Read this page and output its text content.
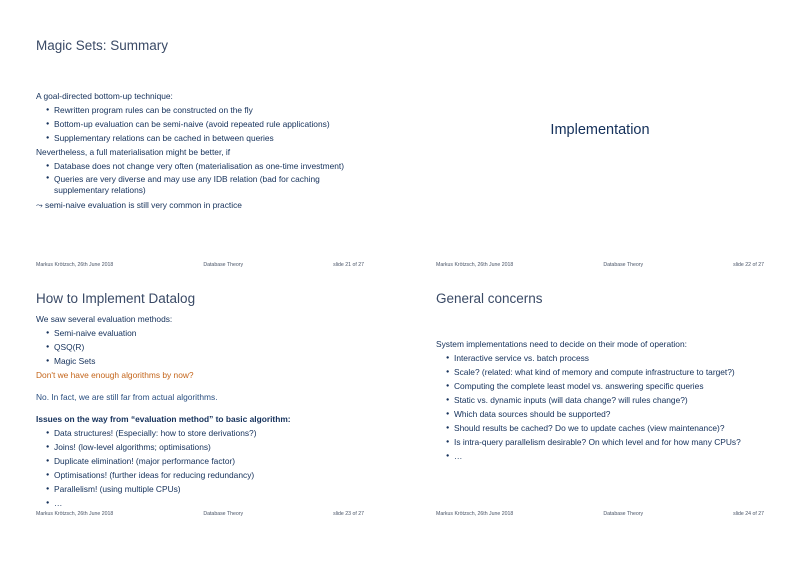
Magic Sets: Summary

A goal-directed bottom-up technique:

● Rewritten program rules can be constructed on the fly
● Bottom-up evaluation can be semi-naive (avoid repeated rule applications)
● Supplementary relations can be cached in between queries

Nevertheless, a full materialisation might be better, if

● Database does not change very often (materialisation as one-time investment)
● Queries are very diverse and may use any IDB relation (bad for caching supplementary relations)

⤳ semi-naive evaluation is still very common in practice

Markus Krötzsch, 26th June 2018	Database Theory	slide 21 of 27
Implementation
Markus Krötzsch, 26th June 2018	Database Theory	slide 22 of 27
How to Implement Datalog

We saw several evaluation methods:

● Semi-naive evaluation
● QSQ(R)
● Magic Sets

Don't we have enough algorithms by now?

No. In fact, we are still far from actual algorithms.

Issues on the way from “evaluation method” to basic algorithm:

● Data structures! (Especially: how to store derivations?)
● Joins! (low-level algorithms; optimisations)
● Duplicate elimination! (major performance factor)
● Optimisations! (further ideas for reducing redundancy)
● Parallelism! (using multiple CPUs)
● …
Markus Krötzsch, 26th June 2018	Database Theory	slide 23 of 27
General concerns

System implementations need to decide on their mode of operation:

● Interactive service vs. batch process
● Scale? (related: what kind of memory and compute infrastructure to target?)
● Computing the complete least model vs. answering specific queries
● Static vs. dynamic inputs (will data change? will rules change?)
● Which data sources should be supported?
● Should results be cached? Do we to update caches (view maintenance)?
● Is intra-query parallelism desirable? On which level and for how many CPUs?
● …
Markus Krötzsch, 26th June 2018	Database Theory	slide 24 of 27
